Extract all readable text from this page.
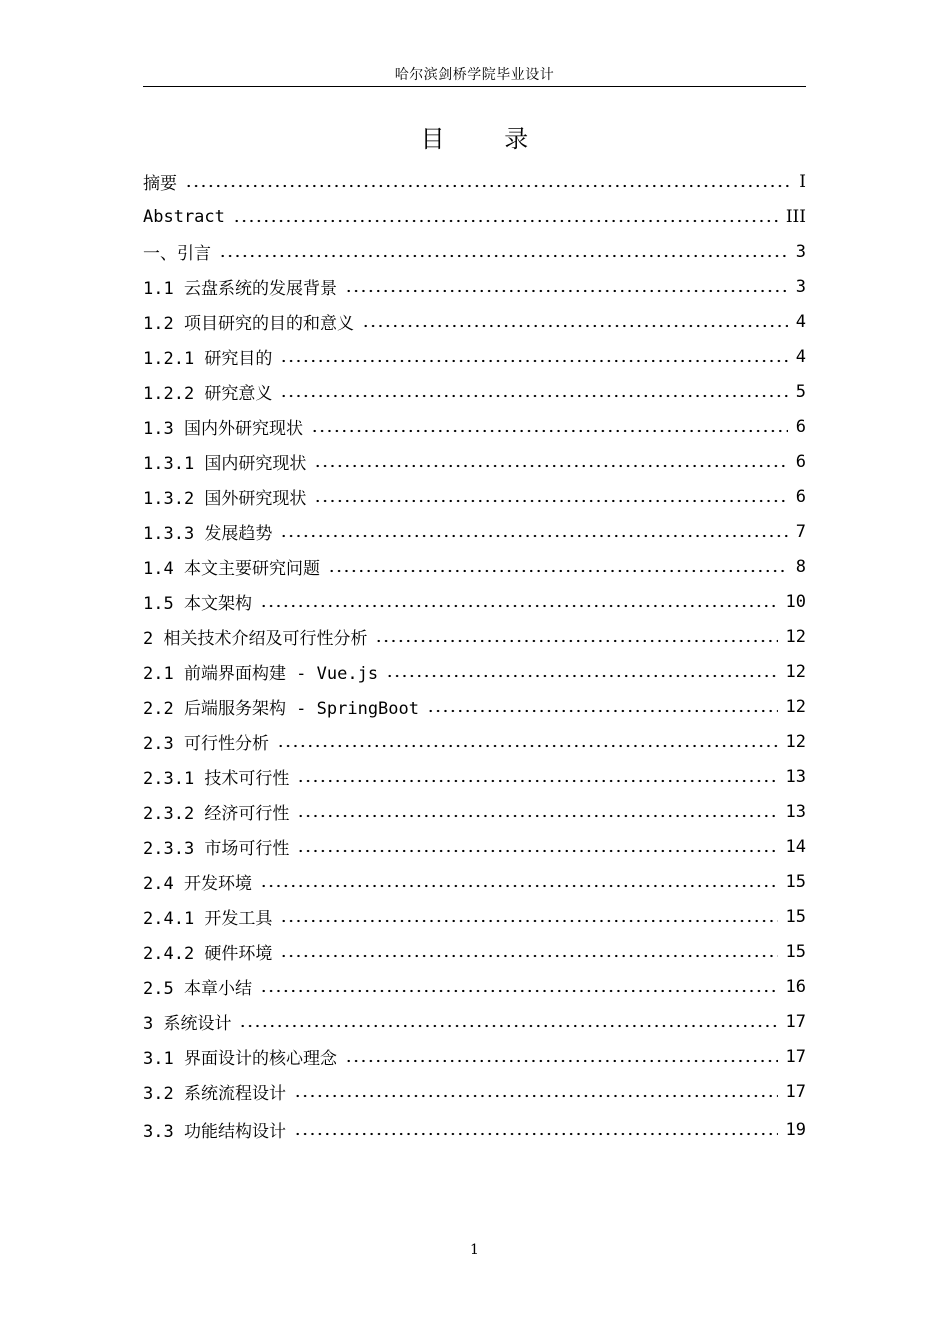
哈尔滨剑桥学院毕业设计
目 录
摘要	I
Abstract	III
一、引言	3
1.1 云盘系统的发展背景	3
1.2 项目研究的目的和意义	4
1.2.1 研究目的	4
1.2.2 研究意义	5
1.3 国内外研究现状	6
1.3.1 国内研究现状	6
1.3.2 国外研究现状	6
1.3.3 发展趋势	7
1.4 本文主要研究问题	8
1.5 本文架构	10
2 相关技术介绍及可行性分析	12
2.1 前端界面构建 - Vue.js	12
2.2 后端服务架构 - SpringBoot	12
2.3 可行性分析	12
2.3.1 技术可行性	13
2.3.2 经济可行性	13
2.3.3 市场可行性	14
2.4 开发环境	15
2.4.1 开发工具	15
2.4.2 硬件环境	15
2.5 本章小结	16
3 系统设计	17
3.1 界面设计的核心理念	17
3.2 系统流程设计	17
3.3 功能结构设计	19
1
